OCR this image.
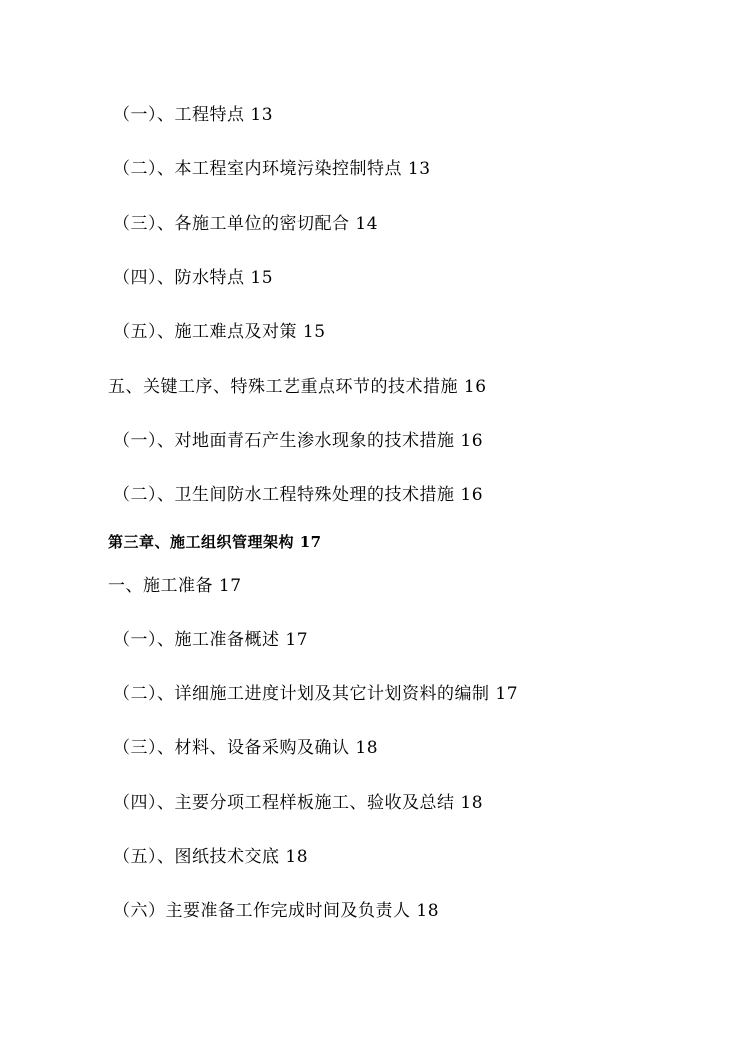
（一）、工程特点 13
（二）、本工程室内环境污染控制特点 13
（三）、各施工单位的密切配合 14
（四）、防水特点 15
（五）、施工难点及对策 15
五、关键工序、特殊工艺重点环节的技术措施 16
（一）、对地面青石产生渗水现象的技术措施 16
（二）、卫生间防水工程特殊处理的技术措施 16
第三章、施工组织管理架构 17
一、施工准备 17
（一）、施工准备概述 17
（二）、详细施工进度计划及其它计划资料的编制 17
（三）、材料、设备采购及确认 18
（四）、主要分项工程样板施工、验收及总结 18
（五）、图纸技术交底 18
（六）主要准备工作完成时间及负责人 18
